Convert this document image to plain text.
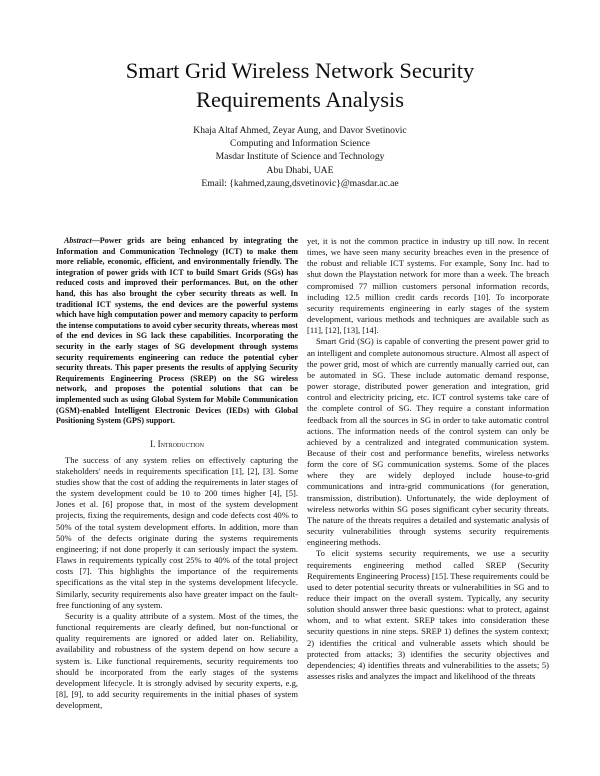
Smart Grid Wireless Network Security
Requirements Analysis
Khaja Altaf Ahmed, Zeyar Aung, and Davor Svetinovic
Computing and Information Science
Masdar Institute of Science and Technology
Abu Dhabi, UAE
Email: {kahmed,zaung,dsvetinovic}@masdar.ac.ae

Abstract—Power grids are being enhanced by integrating the Information and Communication Technology (ICT) to make them more reliable, economic, efficient, and environmentally friendly. The integration of power grids with ICT to build Smart Grids (SGs) has reduced costs and improved their performances. But, on the other hand, this has also brought the cyber security threats as well. In traditional ICT systems, the end devices are the powerful systems which have high computation power and memory capacity to perform the intense computations to avoid cyber security threats, whereas most of the end devices in SG lack these capabilities. Incorporating the security in the early stages of SG development through systems security requirements engineering can reduce the potential cyber security threats. This paper presents the results of applying Security Requirements Engineering Process (SREP) on the SG wireless network, and proposes the potential solutions that can be implemented such as using Global System for Mobile Communication (GSM)-enabled Intelligent Electronic Devices (IEDs) with Global Positioning System (GPS) support.

I. Introduction

The success of any system relies on effectively capturing the stakeholders' needs in requirements specification [1], [2], [3]. Some studies show that the cost of adding the requirements in later stages of the system development could be 10 to 200 times higher [4], [5]. Jones et al. [6] propose that, in most of the system development projects, fixing the requirements, design and code defects cost 40% to 50% of the total system development efforts. In addition, more than 50% of the defects originate during the systems requirements engineering; if not done properly it can seriously impact the system. Flaws in requirements typically cost 25% to 40% of the total project costs [7]. This highlights the importance of the requirements specifications as the vital step in the systems development lifecycle. Similarly, security requirements also have greater impact on the fault-free functioning of any system.

Security is a quality attribute of a system. Most of the times, the functional requirements are clearly defined, but non-functional or quality requirements are ignored or added later on. Reliability, availability and robustness of the system depend on how secure a system is. Like functional requirements, security requirements too should be incorporated from the early stages of the systems development lifecycle. It is strongly advised by security experts, e.g, [8], [9], to add security requirements in the initial phases of system development,

yet, it is not the common practice in industry up till now. In recent times, we have seen many security breaches even in the presence of the robust and reliable ICT systems. For example, Sony Inc. had to shut down the Playstation network for more than a week. The breach compromised 77 million customers personal information records, including 12.5 million credit cards records [10]. To incorporate security requirements engineering in early stages of the system development, various methods and techniques are available such as [11], [12], [13], [14].

Smart Grid (SG) is capable of converting the present power grid to an intelligent and complete autonomous structure. Almost all aspect of the power grid, most of which are currently manually carried out, can be automated in SG. These include automatic demand response, power storage, distributed power generation and integration, grid control and electricity pricing, etc. ICT control systems take care of the complete control of SG. They require a constant information feedback from all the sources in SG in order to take automatic control actions. The information needs of the control system can only be achieved by a centralized and integrated communication system. Because of their cost and performance benefits, wireless networks form the core of SG communication systems. Some of the places where they are widely deployed include house-to-grid communications and intra-grid communications (for generation, transmission, distribution). Unfortunately, the wide deployment of wireless networks within SG poses significant cyber security threats. The nature of the threats requires a detailed and systematic analysis of security vulnerabilities through systems security requirements engineering methods.

To elicit systems security requirements, we use a security requirements engineering method called SREP (Security Requirements Engineering Process) [15]. These requirements could be used to deter potential security threats or vulnerabilities in SG and to reduce their impact on the overall system. Typically, any security solution should answer three basic questions: what to protect, against whom, and to what extent. SREP takes into consideration these security questions in nine steps. SREP 1) defines the system context; 2) identifies the critical and vulnerable assets which should be protected from attacks; 3) identifies the security objectives and dependencies; 4) identifies threats and vulnerabilities to the assets; 5) assesses risks and analyzes the impact and likelihood of the threats
